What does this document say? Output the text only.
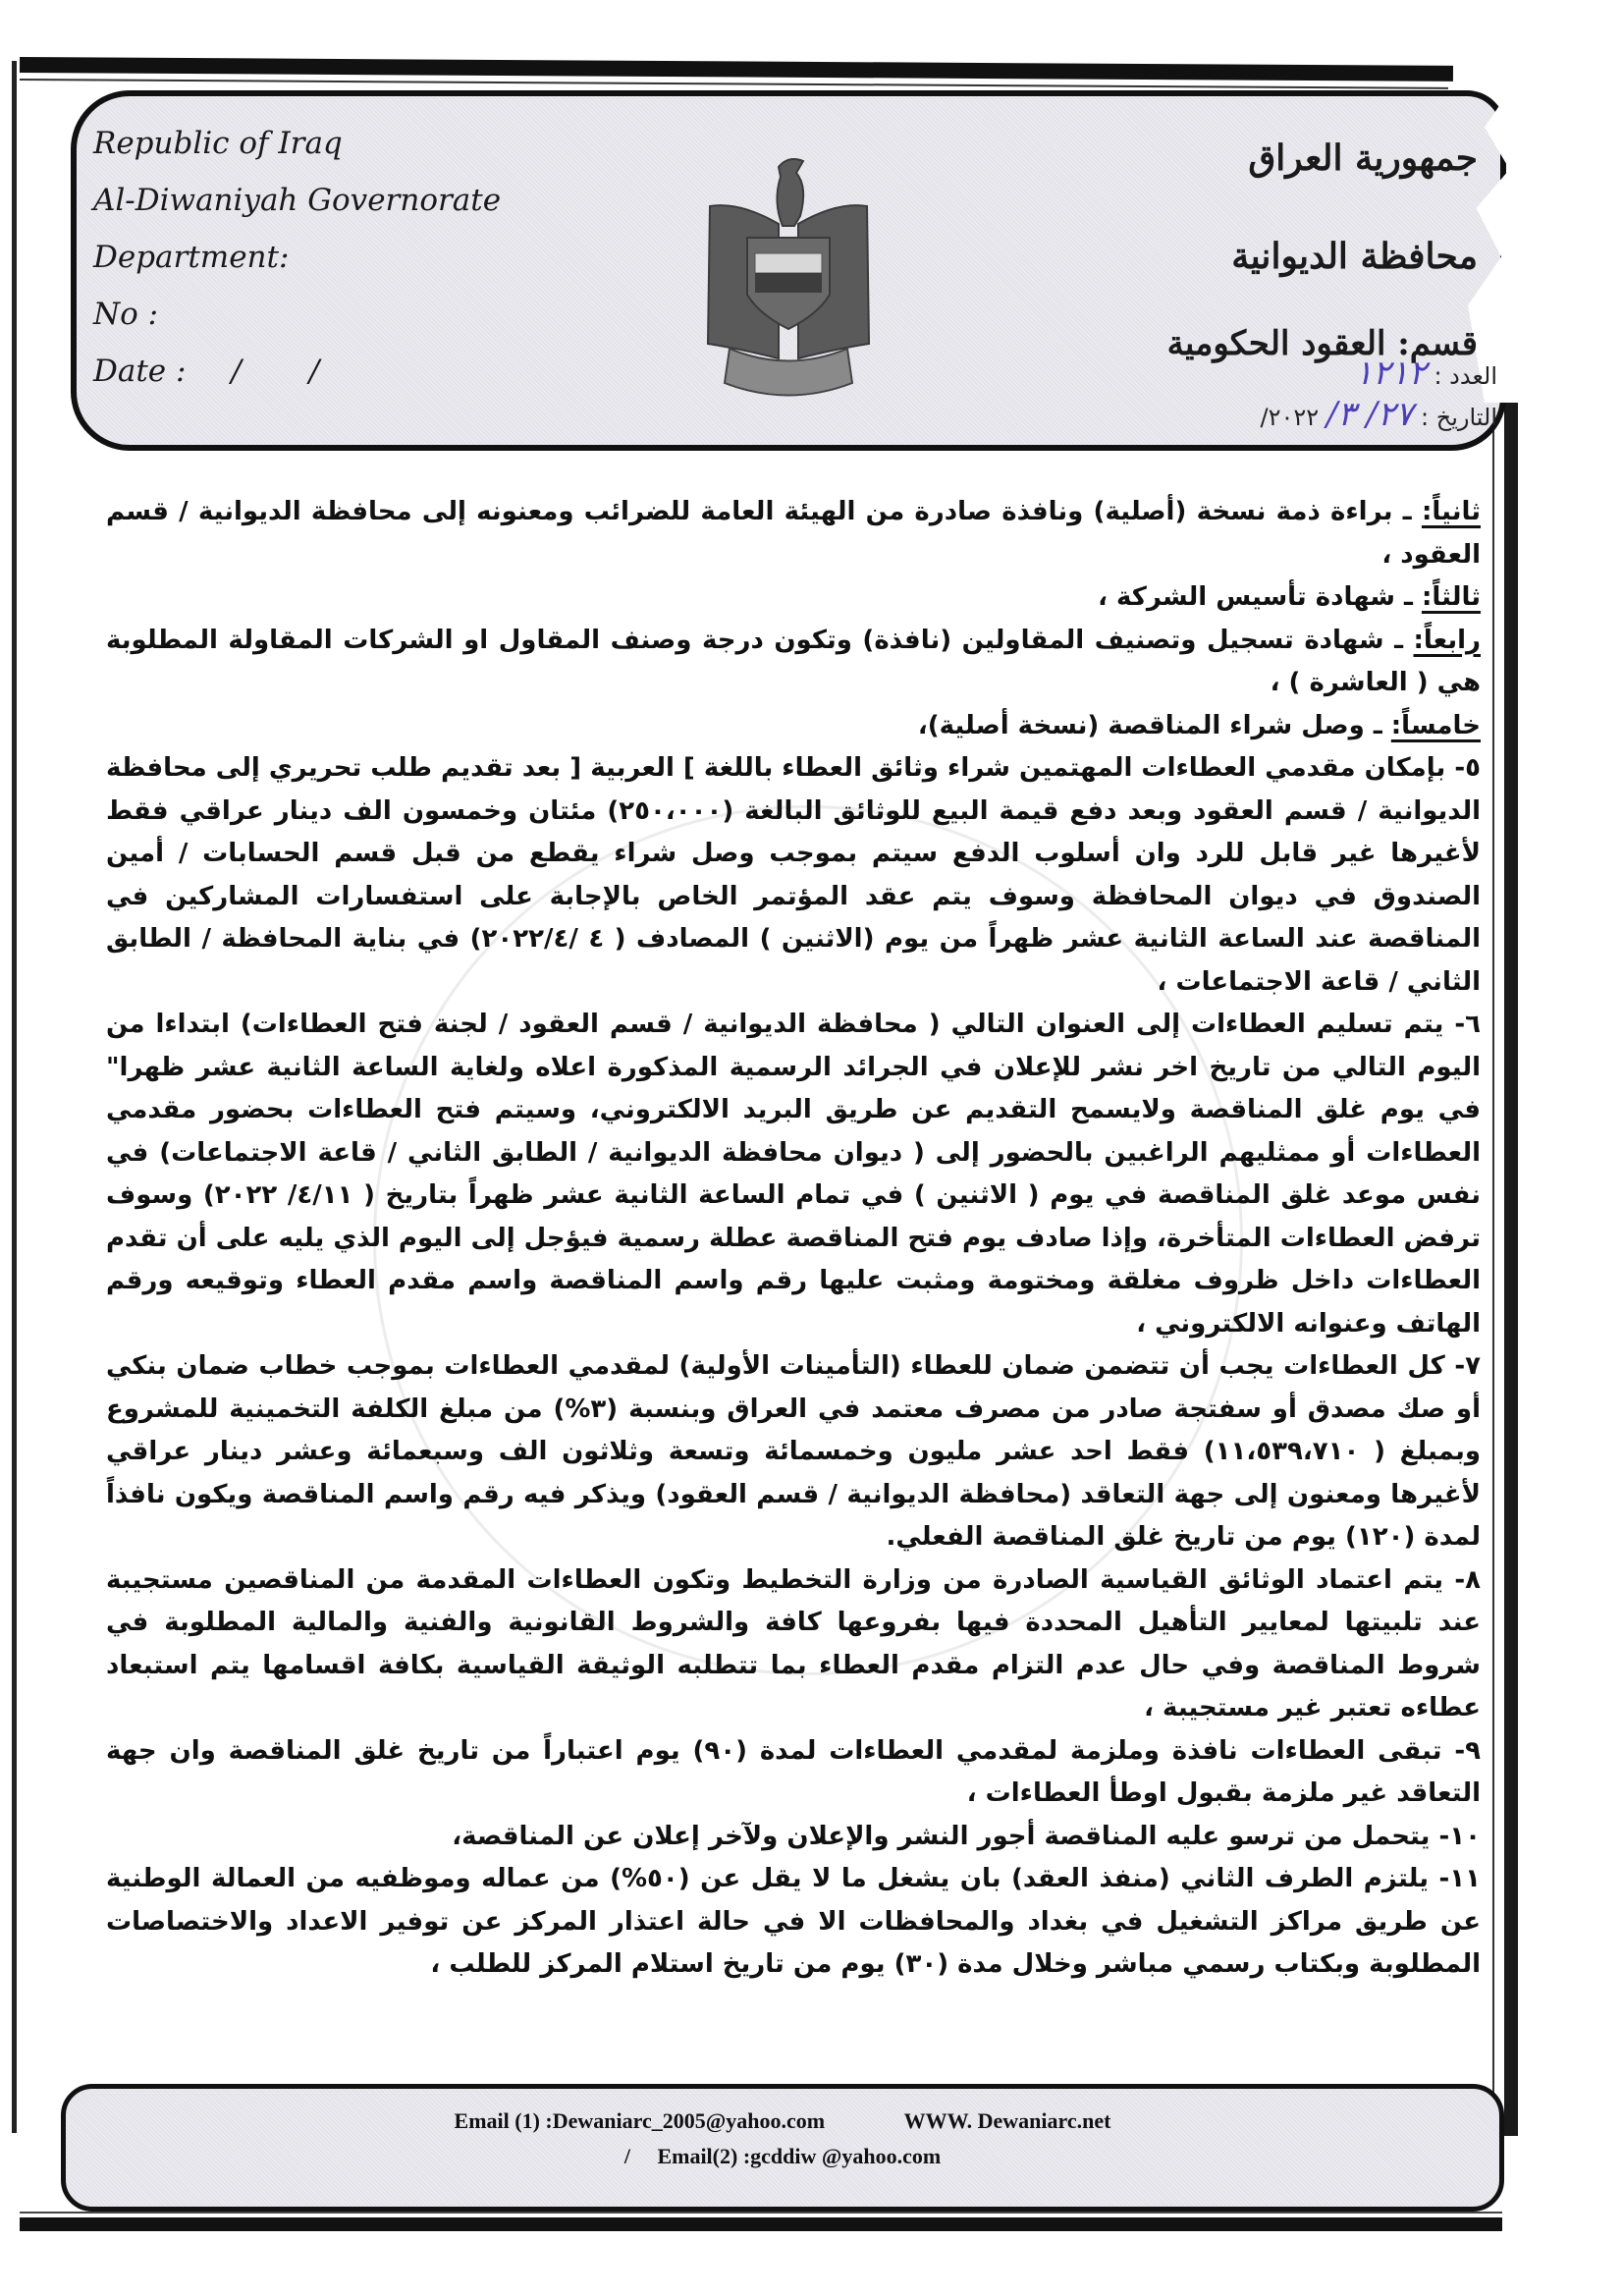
Republic of Iraq
Al-Diwaniyah Governorate
Department:
No :
Date : /       /
جمهورية العراق
محافظة الديوانية
قسم: العقود الحكومية
العدد : ١٢١٢
التاريخ : ٢٧/ ٣/ ٢٠٢٢/

ثانياً: ـ براءة ذمة نسخة (أصلية) ونافذة صادرة من الهيئة العامة للضرائب ومعنونه إلى محافظة الديوانية / قسم العقود ،

ثالثاً: ـ شهادة تأسيس الشركة ،

رابعاً: ـ شهادة تسجيل وتصنيف المقاولين (نافذة) وتكون درجة وصنف المقاول او الشركات المقاولة المطلوبة هي ( العاشرة ) ،

خامساً: ـ وصل شراء المناقصة (نسخة أصلية)،

٥- بإمكان مقدمي العطاءات المهتمين شراء وثائق العطاء باللغة ] العربية [ بعد تقديم طلب تحريري إلى محافظة الديوانية / قسم العقود وبعد دفع قيمة البيع للوثائق البالغة (٢٥٠،٠٠٠) مئتان وخمسون الف دينار عراقي فقط لأغيرها غير قابل للرد وان أسلوب الدفع سيتم بموجب وصل شراء يقطع من قبل قسم الحسابات / أمين الصندوق في ديوان المحافظة وسوف يتم عقد المؤتمر الخاص بالإجابة على استفسارات المشاركين في المناقصة عند الساعة الثانية عشر ظهراً من يوم (الاثنين ) المصادف ( ٤ /٢٠٢٢/٤) في بناية المحافظة / الطابق الثاني / قاعة الاجتماعات ،

٦- يتم تسليم العطاءات إلى العنوان التالي ( محافظة الديوانية / قسم العقود / لجنة فتح العطاءات) ابتداءا من اليوم التالي من تاريخ اخر نشر للإعلان في الجرائد الرسمية المذكورة اعلاه ولغاية الساعة الثانية عشر ظهرا" في يوم غلق المناقصة ولايسمح التقديم عن طريق البريد الالكتروني، وسيتم فتح العطاءات بحضور مقدمي العطاءات أو ممثليهم الراغبين بالحضور إلى ( ديوان محافظة الديوانية / الطابق الثاني / قاعة الاجتماعات) في نفس موعد غلق المناقصة في يوم ( الاثنين ) في تمام الساعة الثانية عشر ظهراً بتاريخ ( ٤/١١/ ٢٠٢٢) وسوف ترفض العطاءات المتأخرة، وإذا صادف يوم فتح المناقصة عطلة رسمية فيؤجل إلى اليوم الذي يليه على أن تقدم العطاءات داخل ظروف مغلقة ومختومة ومثبت عليها رقم واسم المناقصة واسم مقدم العطاء وتوقيعه ورقم الهاتف وعنوانه الالكتروني ،

٧- كل العطاءات يجب أن تتضمن ضمان للعطاء (التأمينات الأولية) لمقدمي العطاءات بموجب خطاب ضمان بنكي أو صك مصدق أو سفتجة صادر من مصرف معتمد في العراق وبنسبة (٣%) من مبلغ الكلفة التخمينية للمشروع وبمبلغ ( ١١،٥٣٩،٧١٠) فقط احد عشر مليون وخمسمائة وتسعة وثلاثون الف وسبعمائة وعشر دينار عراقي لأغيرها ومعنون إلى جهة التعاقد (محافظة الديوانية / قسم العقود) ويذكر فيه رقم واسم المناقصة ويكون نافذاً لمدة (١٢٠) يوم من تاريخ غلق المناقصة الفعلي.

٨- يتم اعتماد الوثائق القياسية الصادرة من وزارة التخطيط وتكون العطاءات المقدمة من المناقصين مستجيبة عند تلبيتها لمعايير التأهيل المحددة فيها بفروعها كافة والشروط القانونية والفنية والمالية المطلوبة في شروط المناقصة وفي حال عدم التزام مقدم العطاء بما تتطلبه الوثيقة القياسية بكافة اقسامها يتم استبعاد عطاءه تعتبر غير مستجيبة ،

٩- تبقى العطاءات نافذة وملزمة لمقدمي العطاءات لمدة (٩٠) يوم اعتباراً من تاريخ غلق المناقصة وان جهة التعاقد غير ملزمة بقبول اوطأ العطاءات ،

١٠- يتحمل من ترسو عليه المناقصة أجور النشر والإعلان ولآخر إعلان عن المناقصة،

١١- يلتزم الطرف الثاني (منفذ العقد) بان يشغل ما لا يقل عن (٥٠%) من عماله وموظفيه من العمالة الوطنية عن طريق مراكز التشغيل في بغداد والمحافظات الا في حالة اعتذار المركز عن توفير الاعداد والاختصاصات المطلوبة وبكتاب رسمي مباشر وخلال مدة (٣٠) يوم من تاريخ استلام المركز للطلب ،

Email (1) :Dewaniarc_2005@yahoo.com	WWW. Dewaniarc.net
/ Email(2) :gcddiw @yahoo.com
